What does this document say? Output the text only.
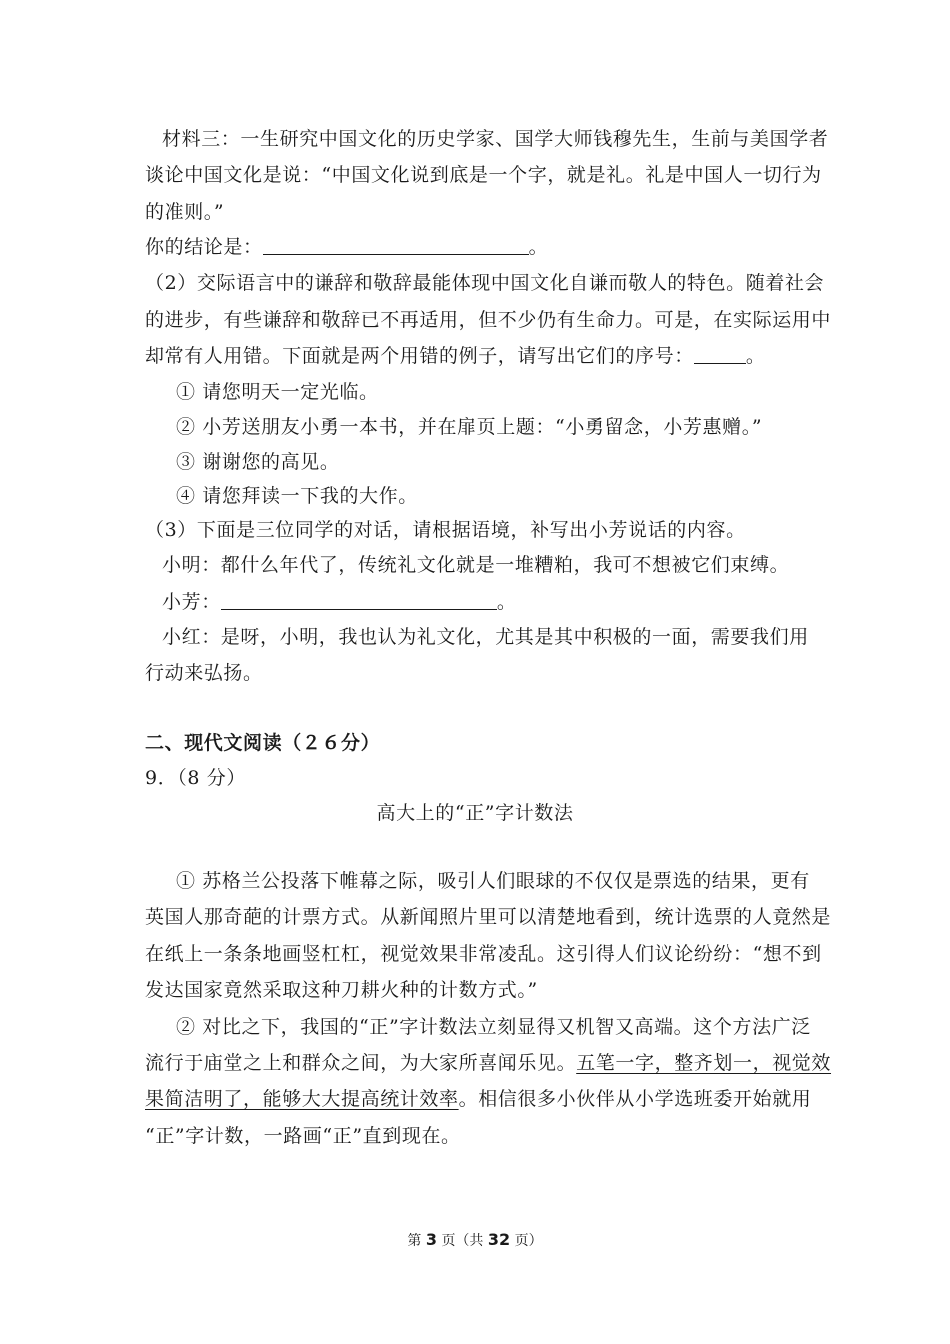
材料三：一生研究中国文化的历史学家、国学大师钱穆先生，生前与美国学者
谈论中国文化是说：“中国文化说到底是一个字，就是礼。礼是中国人一切行为
的准则。”
你的结论是：	。
（2）交际语言中的谦辞和敬辞最能体现中国文化自谦而敬人的特色。随着社会
的进步，有些谦辞和敬辞已不再适用，但不少仍有生命力。可是，在实际运用中
却常有人用错。下面就是两个用错的例子，请写出它们的序号：	。
① 请您明天一定光临。
② 小芳送朋友小勇一本书，并在扉页上题：“小勇留念，小芳惠赠。”
③ 谢谢您的高见。
④ 请您拜读一下我的大作。
（3）下面是三位同学的对话，请根据语境，补写出小芳说话的内容。
小明：都什么年代了，传统礼文化就是一堆糟粕，我可不想被它们束缚。
小芳：	。
小红：是呀，小明，我也认为礼文化，尤其是其中积极的一面，需要我们用
行动来弘扬。
二、现代文阅读（２６分）
9．（8 分）
高大上的“正”字计数法
① 苏格兰公投落下帷幕之际，吸引人们眼球的不仅仅是票选的结果，更有
英国人那奇葩的计票方式。从新闻照片里可以清楚地看到，统计选票的人竟然是
在纸上一条条地画竖杠杠，视觉效果非常凌乱。这引得人们议论纷纷：“想不到
发达国家竟然采取这种刀耕火种的计数方式。”
② 对比之下，我国的“正”字计数法立刻显得又机智又高端。这个方法广泛
流行于庙堂之上和群众之间，为大家所喜闻乐见。五笔一字，整齐划一，视觉效
果简洁明了，能够大大提高统计效率。相信很多小伙伴从小学选班委开始就用
“正”字计数，一路画“正”直到现在。
第 3 页（共 32 页）
